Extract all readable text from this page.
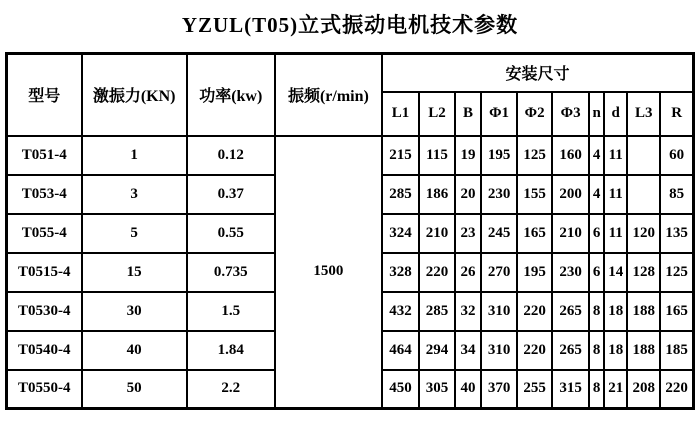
YZUL(T05)立式振动电机技术参数
型号	激振力(KN)	功率(kw)	振频(r/min)	安装尺寸									
				L1	L2	B	Φ1	Φ2	Φ3	n	d	L3	R
T051-4	1	0.12	1500	215	115	19	195	125	160	4	11		60
T053-4	3	0.37		285	186	20	230	155	200	4	11		85
T055-4	5	0.55		324	210	23	245	165	210	6	11	120	135
T0515-4	15	0.735		328	220	26	270	195	230	6	14	128	125
T0530-4	30	1.5		432	285	32	310	220	265	8	18	188	165
T0540-4	40	1.84		464	294	34	310	220	265	8	18	188	185
T0550-4	50	2.2		450	305	40	370	255	315	8	21	208	220
